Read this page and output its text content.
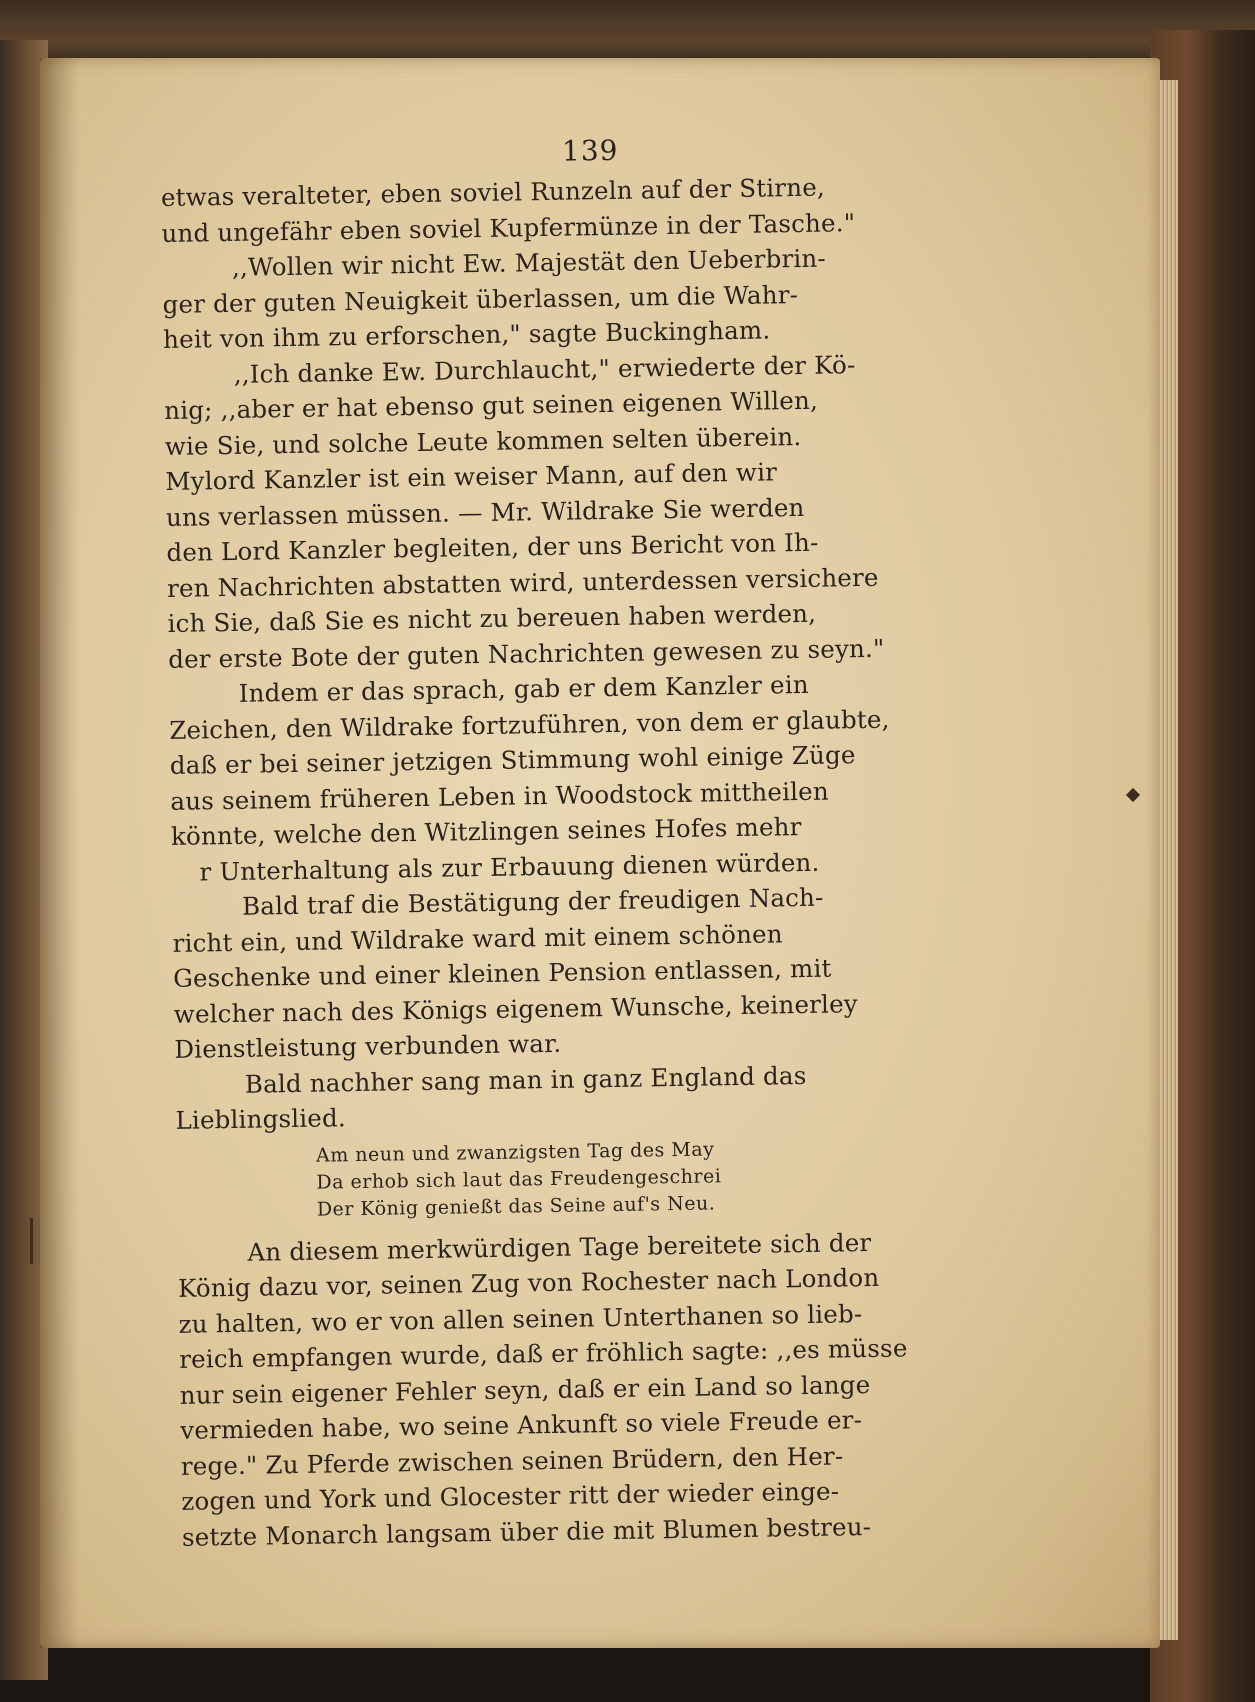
139
etwas veralteter, eben soviel Runzeln auf der Stirne,
und ungefähr eben soviel Kupfermünze in der Tasche."
,,Wollen wir nicht Ew. Majestät den Ueberbrin-
ger der guten Neuigkeit überlassen, um die Wahr-
heit von ihm zu erforschen," sagte Buckingham.
,,Ich danke Ew. Durchlaucht," erwiederte der Kö-
nig; ,,aber er hat ebenso gut seinen eigenen Willen,
wie Sie, und solche Leute kommen selten überein.
Mylord Kanzler ist ein weiser Mann, auf den wir
uns verlassen müssen. — Mr. Wildrake Sie werden
den Lord Kanzler begleiten, der uns Bericht von Ih-
ren Nachrichten abstatten wird, unterdessen versichere
ich Sie, daß Sie es nicht zu bereuen haben werden,
der erste Bote der guten Nachrichten gewesen zu seyn."
Indem er das sprach, gab er dem Kanzler ein
Zeichen, den Wildrake fortzuführen, von dem er glaubte,
daß er bei seiner jetzigen Stimmung wohl einige Züge
aus seinem früheren Leben in Woodstock mittheilen
könnte, welche den Witzlingen seines Hofes mehr
r Unterhaltung als zur Erbauung dienen würden.
Bald traf die Bestätigung der freudigen Nach-
richt ein, und Wildrake ward mit einem schönen
Geschenke und einer kleinen Pension entlassen, mit
welcher nach des Königs eigenem Wunsche, keinerley
Dienstleistung verbunden war.
Bald nachher sang man in ganz England das
Lieblingslied.
Am neun und zwanzigsten Tag des May
Da erhob sich laut das Freudengeschrei
Der König genießt das Seine auf's Neu.
An diesem merkwürdigen Tage bereitete sich der
König dazu vor, seinen Zug von Rochester nach London
zu halten, wo er von allen seinen Unterthanen so lieb-
reich empfangen wurde, daß er fröhlich sagte: ,,es müsse
nur sein eigener Fehler seyn, daß er ein Land so lange
vermieden habe, wo seine Ankunft so viele Freude er-
rege." Zu Pferde zwischen seinen Brüdern, den Her-
zogen und York und Glocester ritt der wieder einge-
setzte Monarch langsam über die mit Blumen bestreu-
